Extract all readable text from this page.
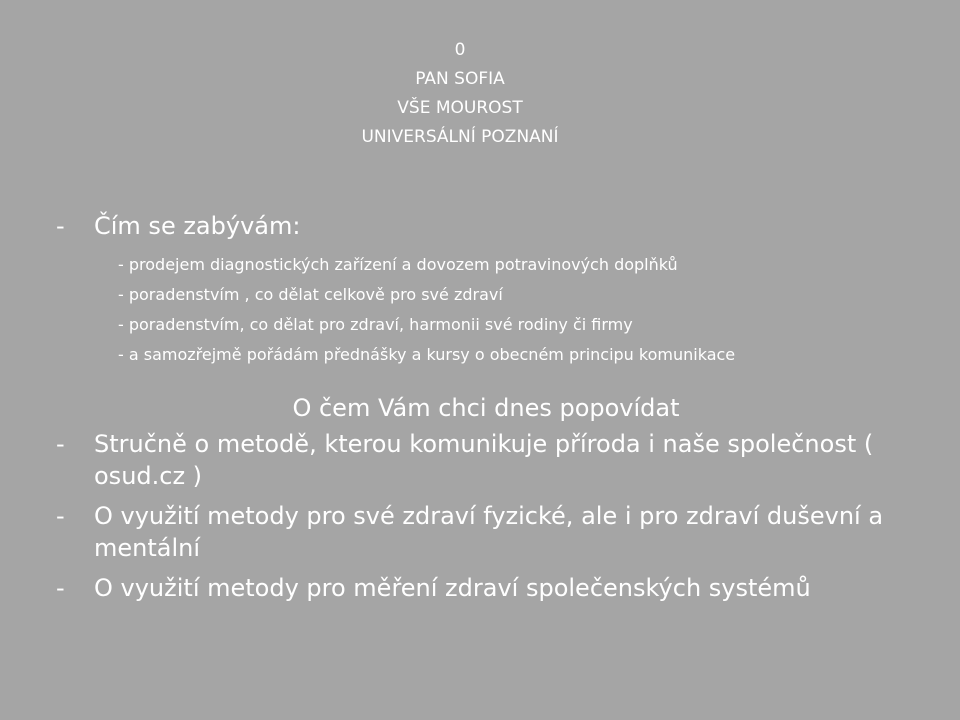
0
PAN SOFIA
VŠE MOUROST
UNIVERSÁLNÍ POZNANÍ
- Čím se zabývám:
- prodejem diagnostických zařízení a dovozem potravinových doplňků
- poradenstvím , co dělat celkově pro své zdraví
- poradenstvím, co dělat pro zdraví, harmonii své rodiny či firmy
- a samozřejmě pořádám přednášky a kursy o obecném principu komunikace
O čem Vám chci dnes popovídat
- Stručně o metodě, kterou komunikuje příroda i naše společnost ( osud.cz )
- O využití metody pro své zdraví fyzické, ale i pro zdraví duševní a mentální
- O využití metody pro měření zdraví společenských systémů
